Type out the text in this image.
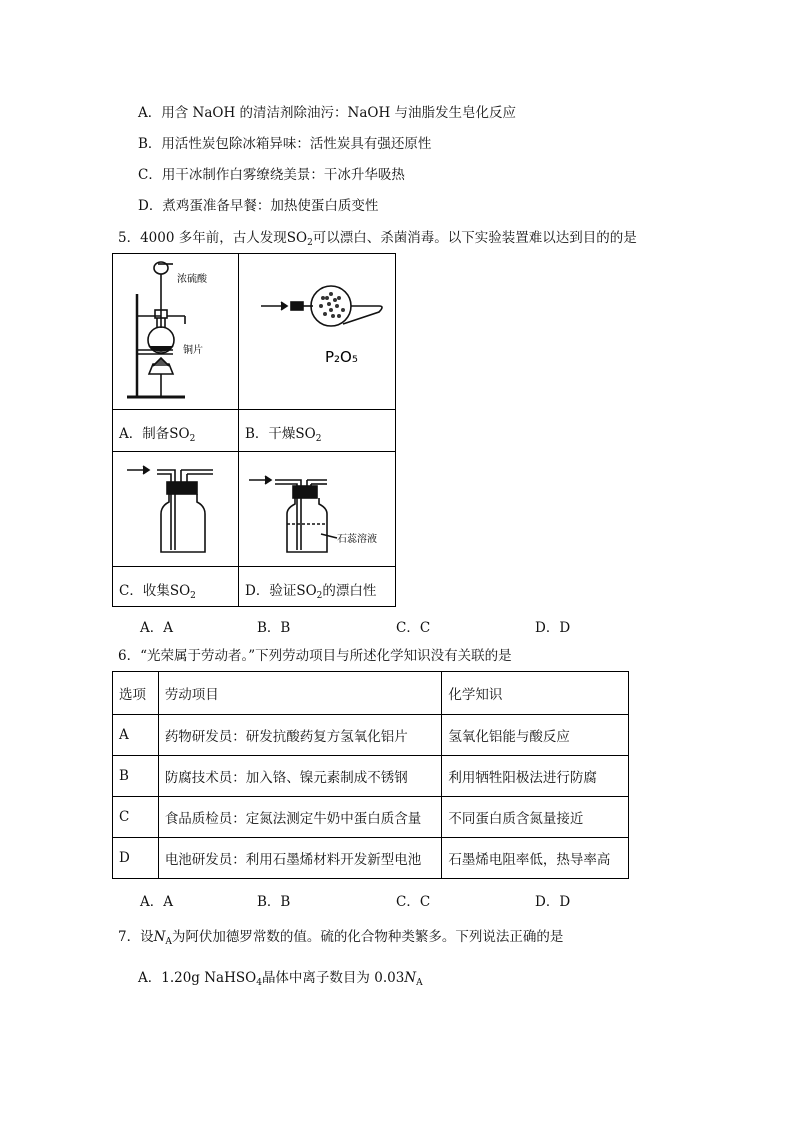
A．用含 NaOH 的清洁剂除油污：NaOH 与油脂发生皂化反应
B．用活性炭包除冰箱异味：活性炭具有强还原性
C．用干冰制作白雾缭绕美景：干冰升华吸热
D．煮鸡蛋准备早餐：加热使蛋白质变性
5．4000 多年前，古人发现$SO_2$可以漂白、杀菌消毒。以下实验装置难以达到目的的是
浓硫酸
铜片	P₂O₅
A．制备$SO_2$	B．干燥$SO_2$
石蕊溶液
C．收集$SO_2$	D．验证$SO_2$的漂白性
A．A	B．B	C．C	D．D
6．“光荣属于劳动者。”下列劳动项目与所述化学知识没有关联的是
选项	劳动项目	化学知识
A	药物研发员：研发抗酸药复方氢氧化铝片	氢氧化铝能与酸反应
B	防腐技术员：加入铬、镍元素制成不锈钢	利用牺牲阳极法进行防腐
C	食品质检员：定氮法测定牛奶中蛋白质含量	不同蛋白质含氮量接近
D	电池研发员：利用石墨烯材料开发新型电池	石墨烯电阻率低，热导率高
A．A	B．B	C．C	D．D
7．设$N_A$为阿伏加德罗常数的值。硫的化合物种类繁多。下列说法正确的是
A．1.20g NaHSO$_4$晶体中离子数目为 $0.03N_A$
